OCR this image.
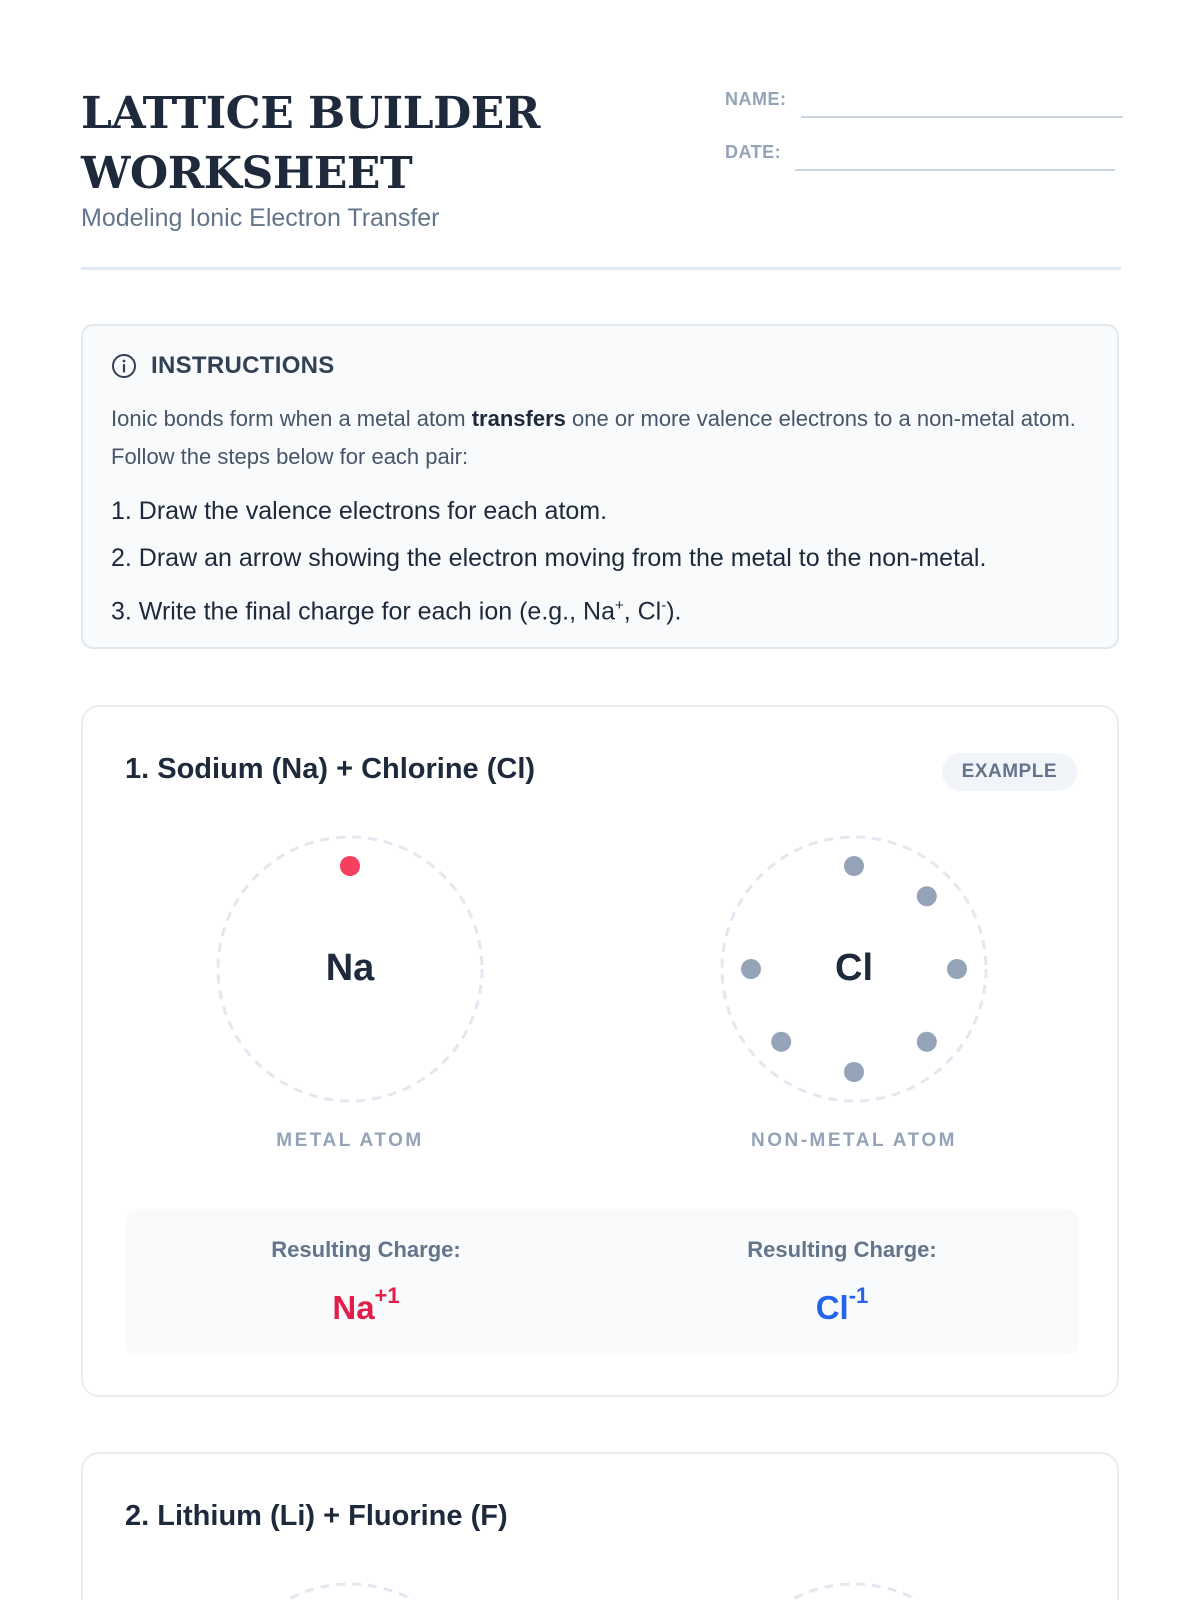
LATTICE BUILDER
WORKSHEET
Modeling Ionic Electron Transfer
NAME:
DATE:
INSTRUCTIONS
Ionic bonds form when a metal atom transfers one or more valence electrons to a non-metal atom. Follow the steps below for each pair:
1. Draw the valence electrons for each atom.
2. Draw an arrow showing the electron moving from the metal to the non-metal.
3. Write the final charge for each ion (e.g., Na+, Cl-).
1. Sodium (Na) + Chlorine (Cl)	EXAMPLE
Na	Cl
METAL ATOM	NON-METAL ATOM
Resulting Charge:
$Na^{+1}$
Resulting Charge:
$Cl^{-1}$
2. Lithium (Li) + Fluorine (F)
